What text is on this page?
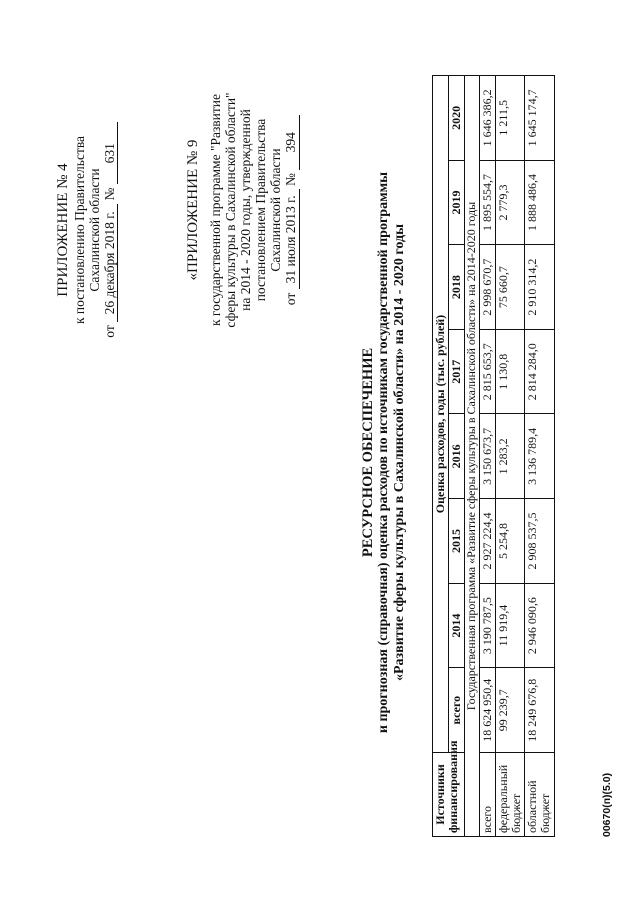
ПРИЛОЖЕНИЕ № 4 к постановлению Правительства Сахалинской области
от 26 декабря 2018 г. № 631	«ПРИЛОЖЕНИЕ № 9 к государственной программе "Развитие сферы культуры в Сахалинской области" на 2014 - 2020 годы, утвержденной постановлением Правительства Сахалинской области
от 31 июля 2013 г. № 394
РЕСУРСНОЕ ОБЕСПЕЧЕНИЕ и прогнозная (справочная) оценка расходов по источникам государственной программы «Развитие сферы культуры в Сахалинской области» на 2014 - 2020 годы
Источники финансирования	Оценка расходов, годы (тыс. рублей)							
	всего	2014	2015	2016	2017	2018	2019	2020
Государственная программа «Развитие сферы культуры в Сахалинской области» на 2014-2020 годы								
всего	18 624 950,4	3 190 787,5	2 927 224,4	3 150 673,7	2 815 653,7	2 998 670,7	1 895 554,7	1 646 386,2
федеральный бюджет	99 239,7	11 919,4	5 254,8	1 283,2	1 130,8	75 660,7	2 779,3	1 211,5
областной бюджет	18 249 676,8	2 946 090,6	2 908 537,5	3 136 789,4	2 814 284,0	2 910 314,2	1 888 486,4	1 645 174,7
00670(п)(5.0)
